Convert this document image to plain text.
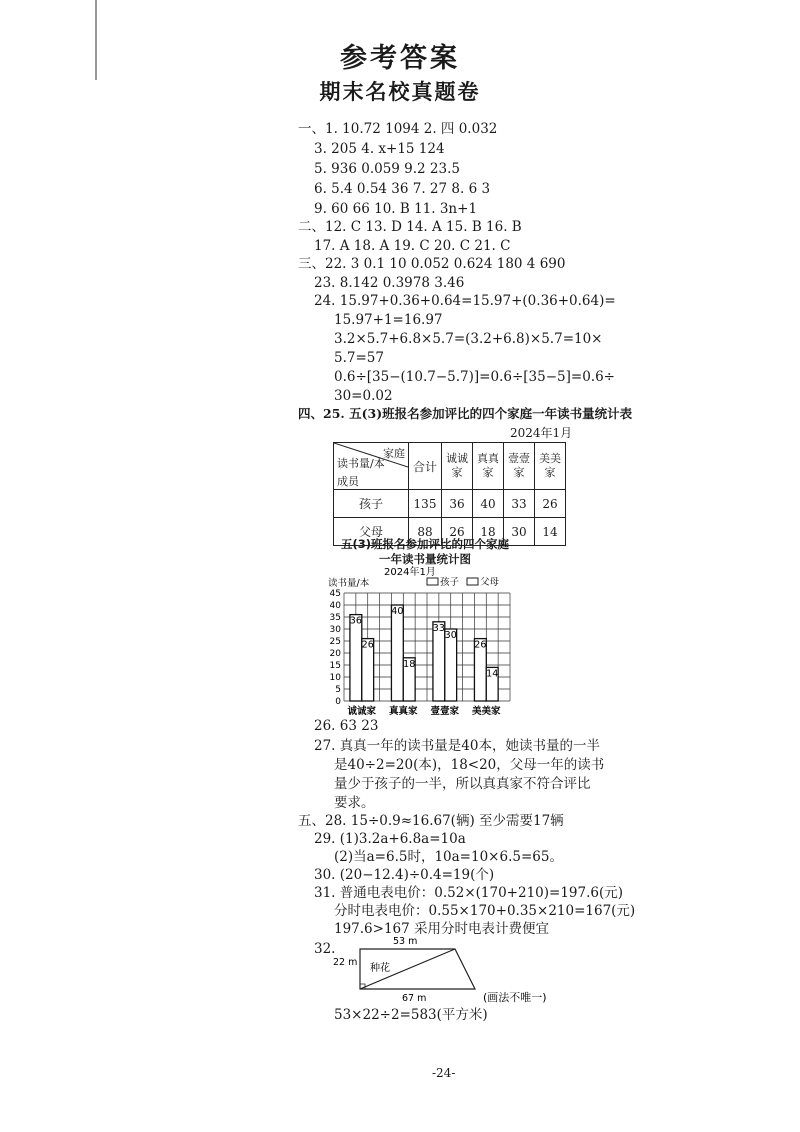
参考答案
期末名校真题卷
一、1. 10.72 1094 2. 四 0.032
3. 205 4. x+15 124
5. 936 0.059 9.2 23.5
6. 5.4 0.54 36 7. 27 8. 6 3
9. 60 66 10. B 11. 3n+1
二、12. C 13. D 14. A 15. B 16. B
17. A 18. A 19. C 20. C 21. C
三、22. 3 0.1 10 0.052 0.624 180 4 690
23. 8.142 0.3978 3.46
24. 15.97+0.36+0.64=15.97+(0.36+0.64)=
15.97+1=16.97
3.2×5.7+6.8×5.7=(3.2+6.8)×5.7=10×
5.7=57
0.6÷[35−(10.7−5.7)]=0.6÷[35−5]=0.6÷
30=0.02
四、25. 五(3)班报名参加评比的四个家庭一年读书量统计表
2024年1月
家庭
读书量/本
成员	合计	诚诚家	真真家	壹壹家	美美家
孩子	135	36	40	33	26
父母	88	26	18	30	14
五(3)班报名参加评比的四个家庭
一年读书量统计图
2024年1月
读书量/本	孩子 父母
0
5
10
15
20
25
30
35
40
45
36
26
诚诚家
40
18
真真家
33
30
壹壹家
26
14
美美家
26. 63 23
27. 真真一年的读书量是40本，她读书量的一半
是40÷2=20(本)，18<20，父母一年的读书
量少于孩子的一半，所以真真家不符合评比
要求。
五、28. 15÷0.9≈16.67(辆) 至少需要17辆
29. (1)3.2a+6.8a=10a
(2)当a=6.5时，10a=10×6.5=65。
30. (20−12.4)÷0.4=19(个)
31. 普通电表电价：0.52×(170+210)=197.6(元)
分时电表电价：0.55×170+0.35×210=167(元)
197.6>167 采用分时电表计费便宜
32.	53 m
22 m
种花
67 m	(画法不唯一)
53×22÷2=583(平方米)
-24-
